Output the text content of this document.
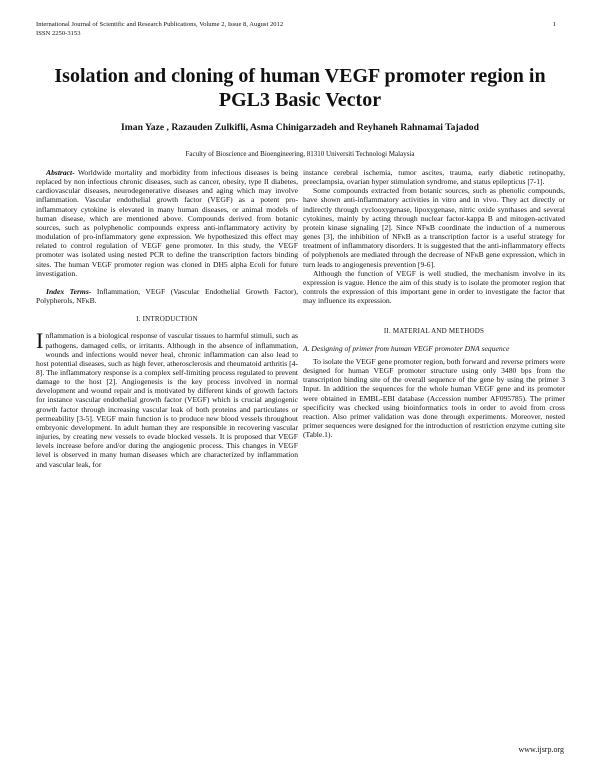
International Journal of Scientific and Research Publications, Volume 2, Issue 8, August 2012
ISSN 2250-3153
1
Isolation and cloning of human VEGF promoter region in PGL3 Basic Vector
Iman Yaze , Razauden Zulkifli, Asma Chinigarzadeh and Reyhaneh Rahnamai Tajadod
Faculty of Bioscience and Bioengineering, 81310 Universiti Technologi Malaysia

Abstract- Worldwide mortality and morbidity from infectious diseases is being replaced by non infectious chronic diseases, such as cancer, obesity, type II diabetes, cardiovascular diseases, neurodegenerative diseases and aging which may involve inflammation. Vascular endothelial growth factor (VEGF) as a potent pro-inflammatory cytokine is elevated in many human diseases, or animal models of human disease, which are mentioned above. Compounds derived from botanic sources, such as polyphenolic compounds express anti-inflammatory activity by modulation of pro-inflammatory gene expression. We hypothesized this effect may related to control regulation of VEGF gene promoter. In this study, the VEGF promoter was isolated using nested PCR to define the transcription factors binding sites. The human VEGF promoter region was cloned in DH5 alpha Ecoli for future investigation.

Index Terms- Inflammation, VEGF (Vascular Endothelial Growth Factor), Polypherols, NFκB.

I. INTRODUCTION

Inflammation is a biological response of vascular tissues to harmful stimuli, such as pathogens, damaged cells, or irritants. Although in the absence of inflammation, wounds and infections would never heal, chronic inflammation can also lead to host potential diseases, such as high fever, atherosclerosis and rheumatoid arthritis [4-8]. The inflammatory response is a complex self-limiting process regulated to prevent damage to the host [2]. Angiogenesis is the key process involved in normal development and wound repair and is motivated by different kinds of growth factors for instance vascular endothelial growth factor (VEGF) which is crucial angiogenic growth factor through increasing vascular leak of both proteins and particulates or permeability [3-5]. VEGF main function is to produce new blood vessels throughout embryonic development. In adult human they are responsible in recovering vascular injuries, by creating new vessels to evade blocked vessels. It is proposed that VEGF levels increase before and/or during the angiogenic process. This changes in VEGF level is observed in many human diseases which are characterized by inflammation and vascular leak, for

instance cerebral ischemia, tumor ascites, trauma, early diabetic retinopathy, preeclampsia, ovarian hyper stimulation syndrome, and status epilepticus [7-1].

Some compounds extracted from botanic sources, such as phenolic compounds, have shown anti-inflammatory activities in vitro and in vivo. They act directly or indirectly through cyclooxygenase, lipoxygenase, nitric oxide synthases and several cytokines, mainly by acting through nuclear factor-kappa B and mitogen-activated protein kinase signaling [2]. Since NFκB coordinate the induction of a numerous genes [3], the inhibition of NFκB as a transcription factor is a useful strategy for treatment of inflammatory disorders. It is suggested that the anti-inflammatory effects of polyphenols are mediated through the decrease of NFκB gene expression, which in turn leads to angiogenesis prevention [9-6].

Although the function of VEGF is well studied, the mechanism involve in its expression is vague. Hence the aim of this study is to isolate the promoter region that controls the expression of this important gene in order to investigate the factor that may influence its expression.

II. MATERIAL AND METHODS
A. Designing of primer from human VEGF promoter DNA sequence

To isolate the VEGF gene promoter region, both forward and reverse primers were designed for human VEGF promoter structure using only 3480 bps from the transcription binding site of the overall sequence of the gene by using the primer 3 Input. In addition the sequences for the whole human VEGF gene and its promoter were obtained in EMBL-EBI database (Accession number AF095785). The primer specificity was checked using bioinformatics tools in order to avoid from cross reaction. Also primer validation was done through experiments. Moreover, nested primer sequences were designed for the introduction of restriction enzyme cutting site (Table.1).

www.ijsrp.org
